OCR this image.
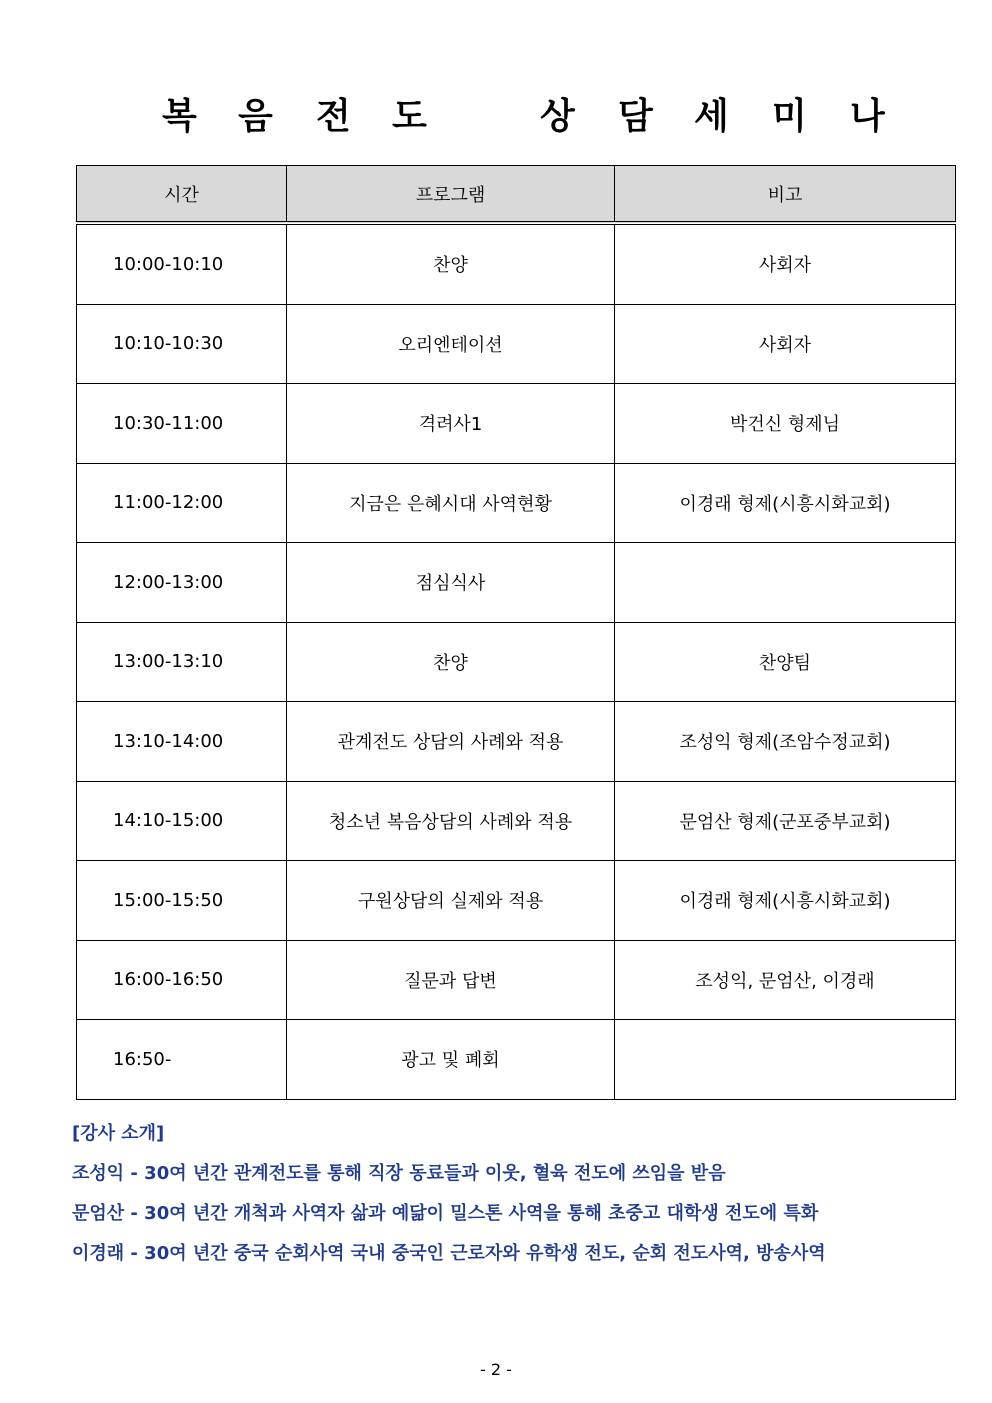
복 음 전 도	상 담 세 미 나
시간	프로그램	비고
10:00-10:10	찬양	사회자
10:10-10:30	오리엔테이션	사회자
10:30-11:00	격려사1	박건신 형제님
11:00-12:00	지금은 은혜시대 사역현황	이경래 형제(시흥시화교회)
12:00-13:00	점심식사	
13:00-13:10	찬양	찬양팀
13:10-14:00	관계전도 상담의 사례와 적용	조성익 형제(조암수정교회)
14:10-15:00	청소년 복음상담의 사례와 적용	문엄산 형제(군포중부교회)
15:00-15:50	구원상담의 실제와 적용	이경래 형제(시흥시화교회)
16:00-16:50	질문과 답변	조성익, 문엄산, 이경래
16:50-	광고 및 폐회	
[강사 소개]
조성익 - 30여 년간 관계전도를 통해 직장 동료들과 이웃, 혈육 전도에 쓰임을 받음
문엄산 - 30여 년간 개척과 사역자 삶과 예닮이 밀스톤 사역을 통해 초중고 대학생 전도에 특화
이경래 - 30여 년간 중국 순회사역 국내 중국인 근로자와 유학생 전도, 순회 전도사역, 방송사역
- 2 -
